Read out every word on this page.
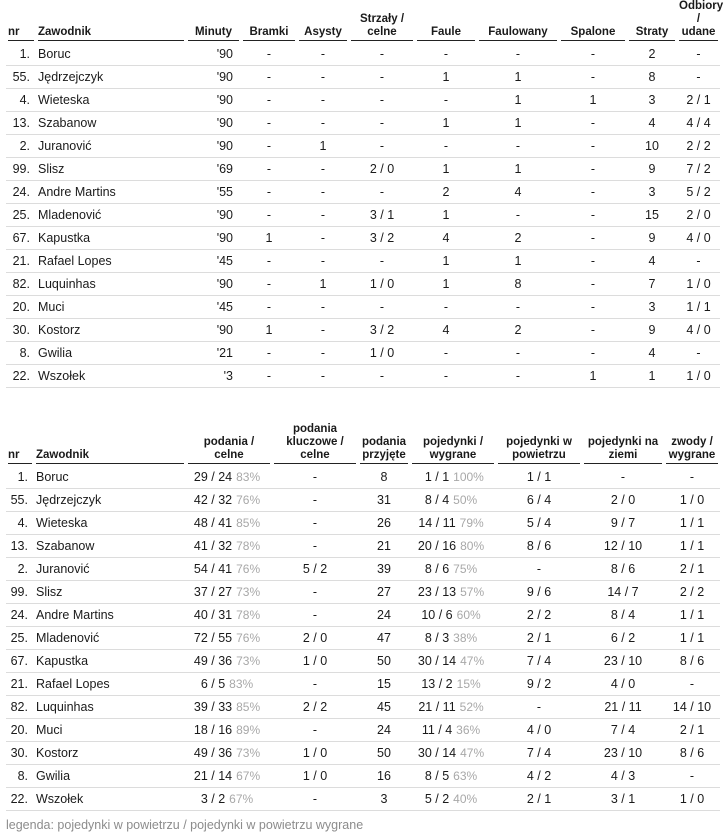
nr	Zawodnik	Minuty	Bramki	Asysty	Strzały / celne	Faule	Faulowany	Spalone	Straty	Odbiory / udane

1.	Boruc	'90	-	-	-	-	-	-	2	-
55.	Jędrzejczyk	'90	-	-	-	1	1	-	8	-
4.	Wieteska	'90	-	-	-	-	1	1	3	2 / 1
13.	Szabanow	'90	-	-	-	1	1	-	4	4 / 4
2.	Juranović	'90	-	1	-	-	-	-	10	2 / 2
99.	Slisz	'69	-	-	2 / 0	1	1	-	9	7 / 2
24.	Andre Martins	'55	-	-	-	2	4	-	3	5 / 2
25.	Mladenović	'90	-	-	3 / 1	1	-	-	15	2 / 0
67.	Kapustka	'90	1	-	3 / 2	4	2	-	9	4 / 0
21.	Rafael Lopes	'45	-	-	-	1	1	-	4	-
82.	Luquinhas	'90	-	1	1 / 0	1	8	-	7	1 / 0
20.	Muci	'45	-	-	-	-	-	-	3	1 / 1
30.	Kostorz	'90	1	-	3 / 2	4	2	-	9	4 / 0
8.	Gwilia	'21	-	-	1 / 0	-	-	-	4	-
22.	Wszołek	'3	-	-	-	-	-	1	1	1 / 0
nr	Zawodnik	podania / celne	podania kluczowe / celne	podania przyjęte	pojedynki / wygrane	pojedynki w powietrzu	pojedynki na ziemi	zwody / wygrane

1.	Boruc	29 / 24 83%	-	8	1 / 1 100%	1 / 1	-	-
55.	Jędrzejczyk	42 / 32 76%	-	31	8 / 4 50%	6 / 4	2 / 0	1 / 0
4.	Wieteska	48 / 41 85%	-	26	14 / 11 79%	5 / 4	9 / 7	1 / 1
13.	Szabanow	41 / 32 78%	-	21	20 / 16 80%	8 / 6	12 / 10	1 / 1
2.	Juranović	54 / 41 76%	5 / 2	39	8 / 6 75%	-	8 / 6	2 / 1
99.	Slisz	37 / 27 73%	-	27	23 / 13 57%	9 / 6	14 / 7	2 / 2
24.	Andre Martins	40 / 31 78%	-	24	10 / 6 60%	2 / 2	8 / 4	1 / 1
25.	Mladenović	72 / 55 76%	2 / 0	47	8 / 3 38%	2 / 1	6 / 2	1 / 1
67.	Kapustka	49 / 36 73%	1 / 0	50	30 / 14 47%	7 / 4	23 / 10	8 / 6
21.	Rafael Lopes	6 / 5 83%	-	15	13 / 2 15%	9 / 2	4 / 0	-
82.	Luquinhas	39 / 33 85%	2 / 2	45	21 / 11 52%	-	21 / 11	14 / 10
20.	Muci	18 / 16 89%	-	24	11 / 4 36%	4 / 0	7 / 4	2 / 1
30.	Kostorz	49 / 36 73%	1 / 0	50	30 / 14 47%	7 / 4	23 / 10	8 / 6
8.	Gwilia	21 / 14 67%	1 / 0	16	8 / 5 63%	4 / 2	4 / 3	-
22.	Wszołek	3 / 2 67%	-	3	5 / 2 40%	2 / 1	3 / 1	1 / 0
legenda: pojedynki w powietrzu / pojedynki w powietrzu wygrane
